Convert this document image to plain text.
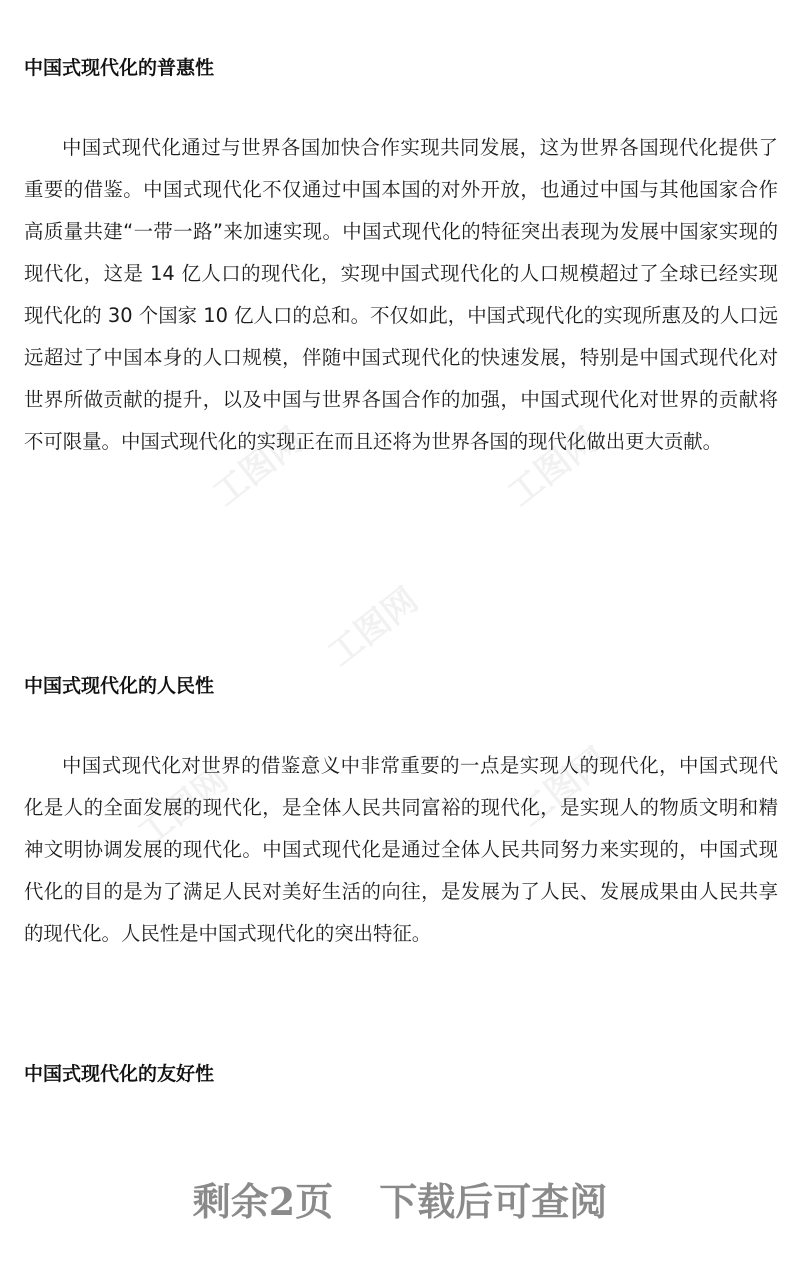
工图网	工图网
工图网
工图网	工图网
中国式现代化的普惠性

中国式现代化通过与世界各国加快合作实现共同发展，这为世界各国现代化提供了重要的借鉴。中国式现代化不仅通过中国本国的对外开放，也通过中国与其他国家合作高质量共建“一带一路”来加速实现。中国式现代化的特征突出表现为发展中国家实现的现代化，这是 14 亿人口的现代化，实现中国式现代化的人口规模超过了全球已经实现现代化的 30 个国家 10 亿人口的总和。不仅如此，中国式现代化的实现所惠及的人口远远超过了中国本身的人口规模，伴随中国式现代化的快速发展，特别是中国式现代化对世界所做贡献的提升，以及中国与世界各国合作的加强，中国式现代化对世界的贡献将不可限量。中国式现代化的实现正在而且还将为世界各国的现代化做出更大贡献。

中国式现代化的人民性

中国式现代化对世界的借鉴意义中非常重要的一点是实现人的现代化，中国式现代化是人的全面发展的现代化，是全体人民共同富裕的现代化，是实现人的物质文明和精神文明协调发展的现代化。中国式现代化是通过全体人民共同努力来实现的，中国式现代化的目的是为了满足人民对美好生活的向往，是发展为了人民、发展成果由人民共享的现代化。人民性是中国式现代化的突出特征。

中国式现代化的友好性
剩余2页 下载后可查阅
